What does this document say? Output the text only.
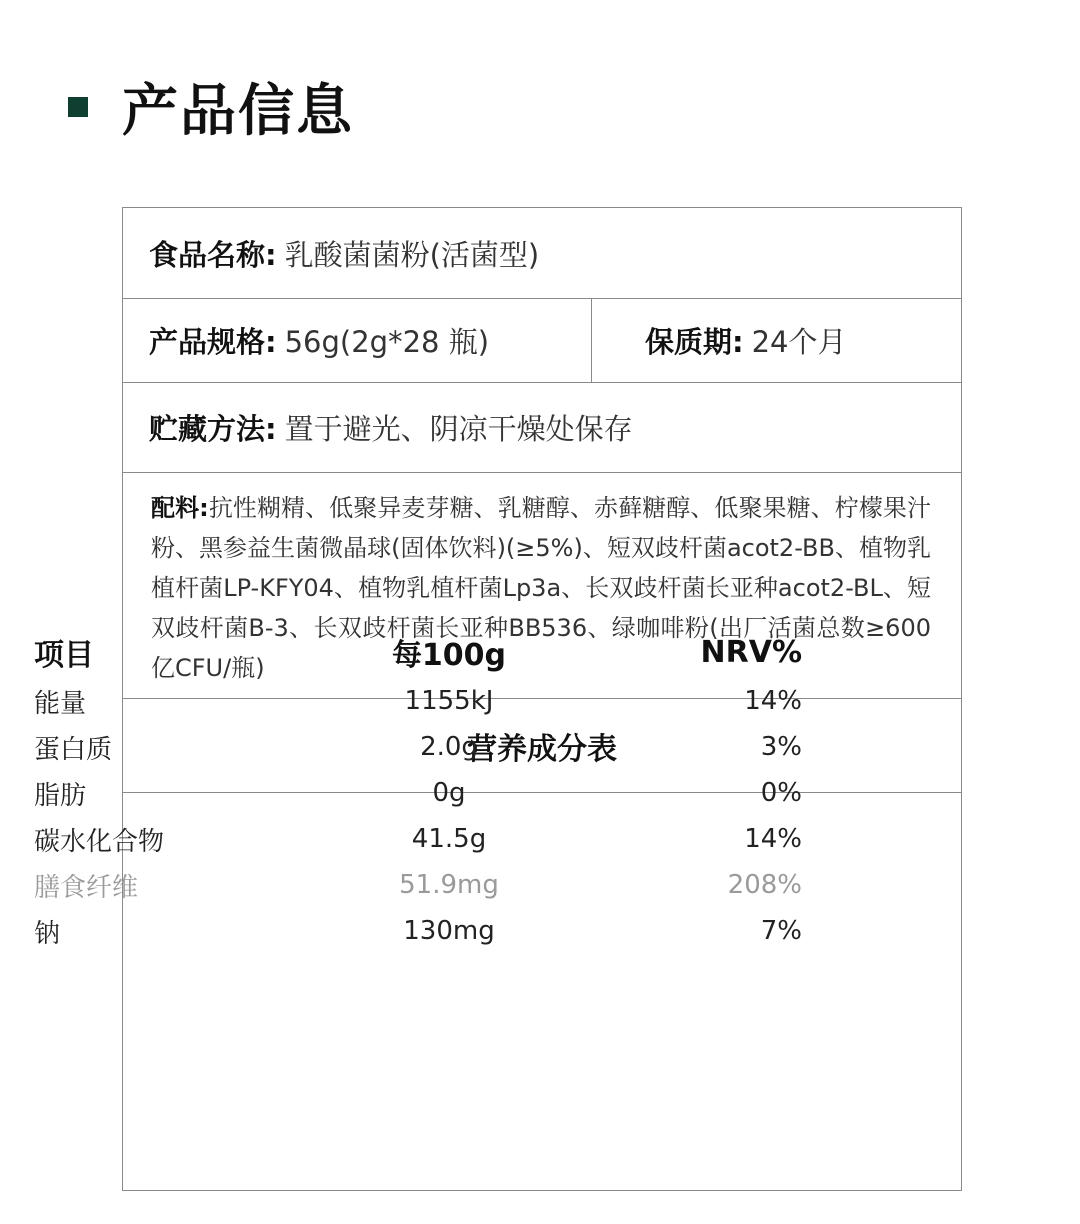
产品信息
食品名称: 乳酸菌菌粉(活菌型)
产品规格: 56g(2g*28 瓶)	保质期: 24个月
贮藏方法: 置于避光、阴凉干燥处保存
配料:抗性糊精、低聚异麦芽糖、乳糖醇、赤藓糖醇、低聚果糖、柠檬果汁粉、黑参益生菌微晶球(固体饮料)(≥5%)、短双歧杆菌acot2-BB、植物乳植杆菌LP-KFY04、植物乳植杆菌Lp3a、长双歧杆菌长亚种acot2-BL、短双歧杆菌B-3、长双歧杆菌长亚种BB536、绿咖啡粉(出厂活菌总数≥600亿CFU/瓶)
营养成分表
项目	每100g	NRV%
能量	1155kJ	14%
蛋白质	2.0g	3%
脂肪	0g	0%
碳水化合物	41.5g	14%
膳食纤维	51.9mg	208%
钠	130mg	7%
